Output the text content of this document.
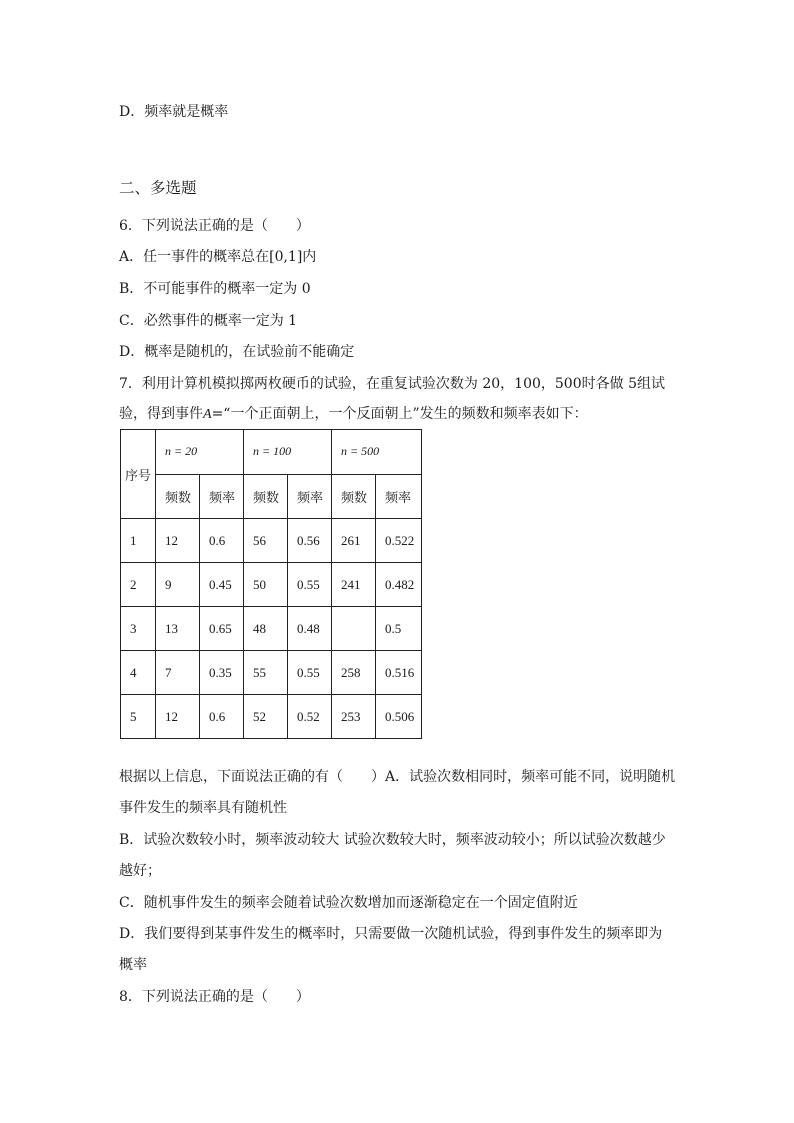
D．频率就是概率
二、多选题
6．下列说法正确的是（　　）
A．任一事件的概率总在[0,1]内
B．不可能事件的概率一定为 0
C．必然事件的概率一定为 1
D．概率是随机的，在试验前不能确定
7．利用计算机模拟掷两枚硬币的试验，在重复试验次数为 20，100，500时各做 5组试
验，得到事件A=“一个正面朝上，一个反面朝上”发生的频数和频率表如下：
序号	n = 20		n = 100		n = 500	
	频数	频率	频数	频率	频数	频率
1	12	0.6	56	0.56	261	0.522
2	9	0.45	50	0.55	241	0.482
3	13	0.65	48	0.48		0.5
4	7	0.35	55	0.55	258	0.516
5	12	0.6	52	0.52	253	0.506
根据以上信息，下面说法正确的有（　　）A．试验次数相同时，频率可能不同，说明随机
事件发生的频率具有随机性
B．试验次数较小时，频率波动较大 试验次数较大时，频率波动较小；所以试验次数越少
越好；
C．随机事件发生的频率会随着试验次数增加而逐渐稳定在一个固定值附近
D．我们要得到某事件发生的概率时，只需要做一次随机试验，得到事件发生的频率即为
概率
8．下列说法正确的是（　　）
